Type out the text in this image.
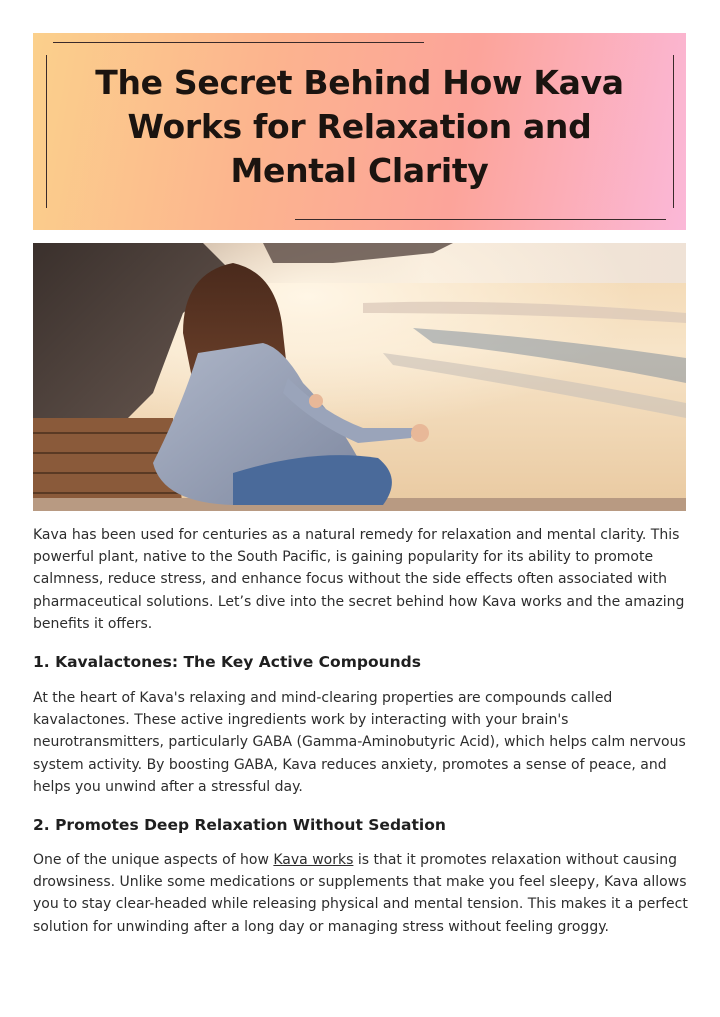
The Secret Behind How Kava Works for Relaxation and Mental Clarity

Kava has been used for centuries as a natural remedy for relaxation and mental clarity. This powerful plant, native to the South Pacific, is gaining popularity for its ability to promote calmness, reduce stress, and enhance focus without the side effects often associated with pharmaceutical solutions. Let’s dive into the secret behind how Kava works and the amazing benefits it offers.

1. Kavalactones: The Key Active Compounds

At the heart of Kava's relaxing and mind-clearing properties are compounds called kavalactones. These active ingredients work by interacting with your brain's neurotransmitters, particularly GABA (Gamma-Aminobutyric Acid), which helps calm nervous system activity. By boosting GABA, Kava reduces anxiety, promotes a sense of peace, and helps you unwind after a stressful day.

2. Promotes Deep Relaxation Without Sedation

One of the unique aspects of how Kava works is that it promotes relaxation without causing drowsiness. Unlike some medications or supplements that make you feel sleepy, Kava allows you to stay clear-headed while releasing physical and mental tension. This makes it a perfect solution for unwinding after a long day or managing stress without feeling groggy.
